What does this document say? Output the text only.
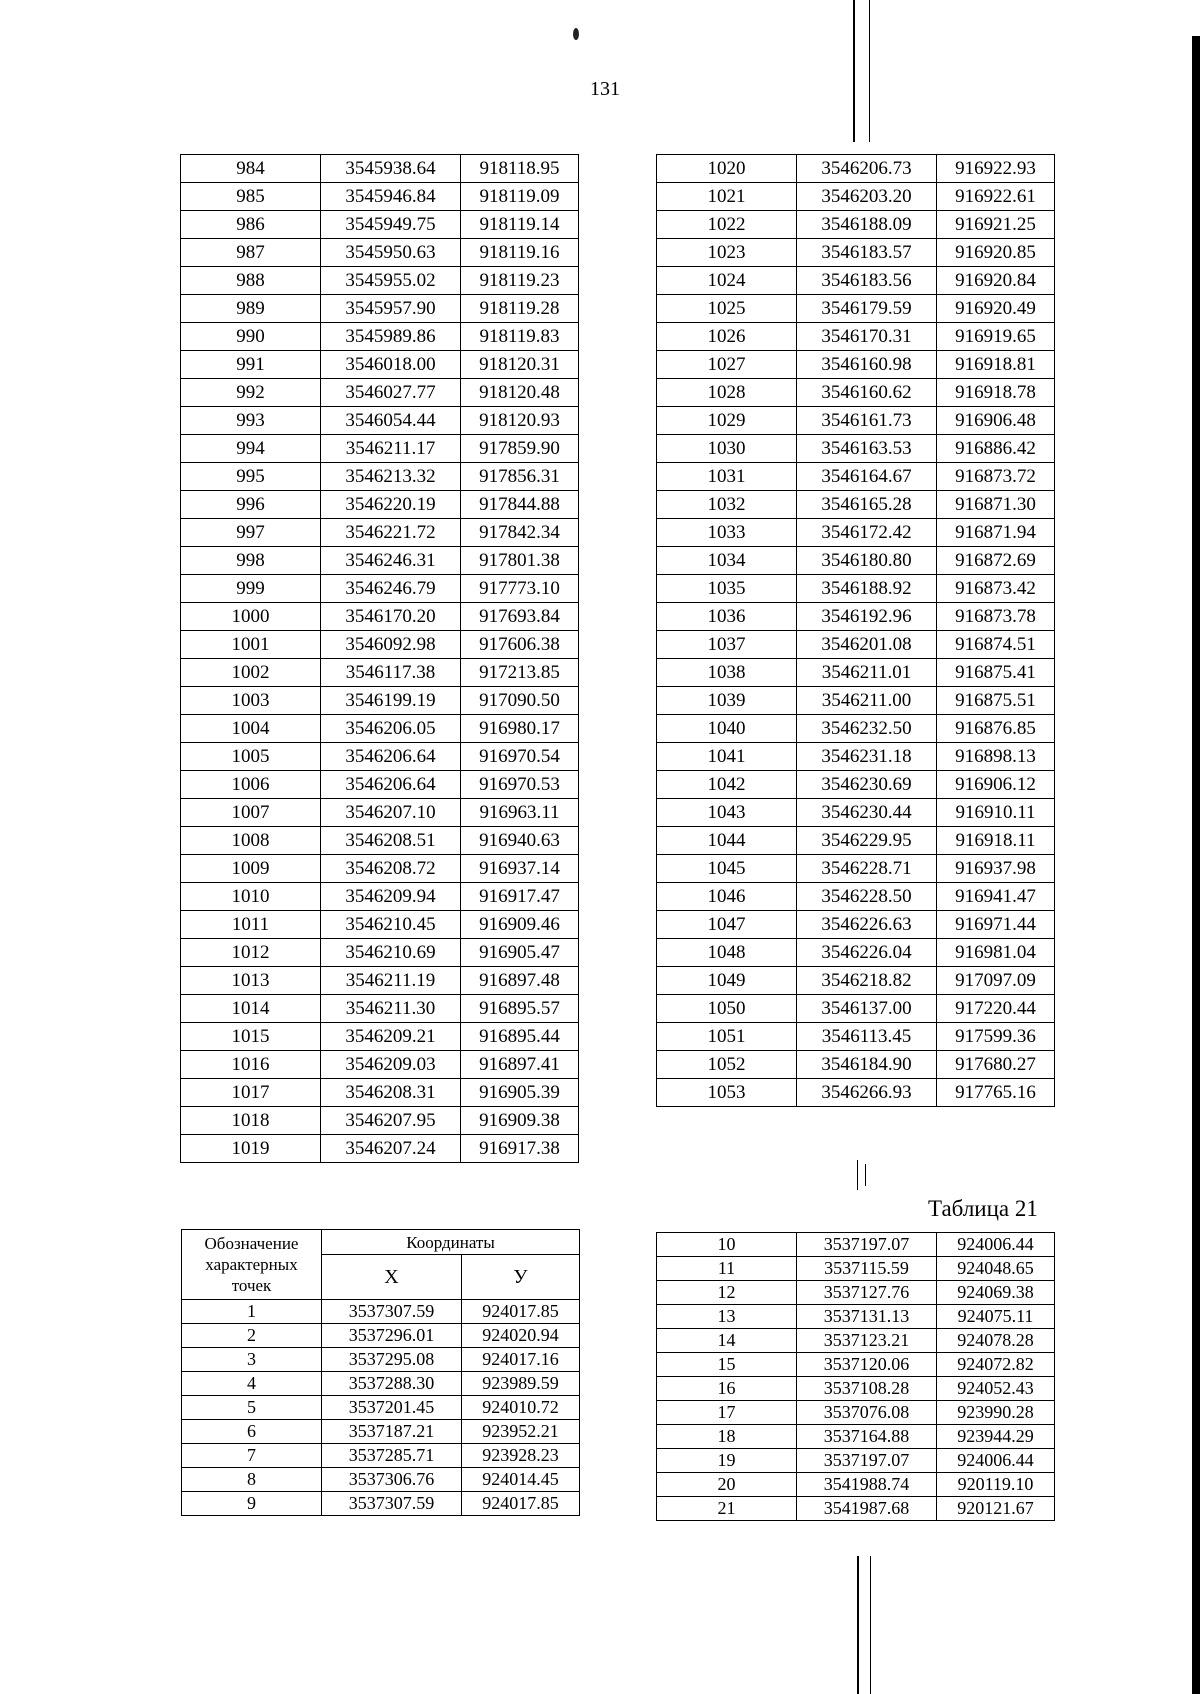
131
984	3545938.64	918118.95
985	3545946.84	918119.09
986	3545949.75	918119.14
987	3545950.63	918119.16
988	3545955.02	918119.23
989	3545957.90	918119.28
990	3545989.86	918119.83
991	3546018.00	918120.31
992	3546027.77	918120.48
993	3546054.44	918120.93
994	3546211.17	917859.90
995	3546213.32	917856.31
996	3546220.19	917844.88
997	3546221.72	917842.34
998	3546246.31	917801.38
999	3546246.79	917773.10
1000	3546170.20	917693.84
1001	3546092.98	917606.38
1002	3546117.38	917213.85
1003	3546199.19	917090.50
1004	3546206.05	916980.17
1005	3546206.64	916970.54
1006	3546206.64	916970.53
1007	3546207.10	916963.11
1008	3546208.51	916940.63
1009	3546208.72	916937.14
1010	3546209.94	916917.47
1011	3546210.45	916909.46
1012	3546210.69	916905.47
1013	3546211.19	916897.48
1014	3546211.30	916895.57
1015	3546209.21	916895.44
1016	3546209.03	916897.41
1017	3546208.31	916905.39
1018	3546207.95	916909.38
1019	3546207.24	916917.38
1020	3546206.73	916922.93
1021	3546203.20	916922.61
1022	3546188.09	916921.25
1023	3546183.57	916920.85
1024	3546183.56	916920.84
1025	3546179.59	916920.49
1026	3546170.31	916919.65
1027	3546160.98	916918.81
1028	3546160.62	916918.78
1029	3546161.73	916906.48
1030	3546163.53	916886.42
1031	3546164.67	916873.72
1032	3546165.28	916871.30
1033	3546172.42	916871.94
1034	3546180.80	916872.69
1035	3546188.92	916873.42
1036	3546192.96	916873.78
1037	3546201.08	916874.51
1038	3546211.01	916875.41
1039	3546211.00	916875.51
1040	3546232.50	916876.85
1041	3546231.18	916898.13
1042	3546230.69	916906.12
1043	3546230.44	916910.11
1044	3546229.95	916918.11
1045	3546228.71	916937.98
1046	3546228.50	916941.47
1047	3546226.63	916971.44
1048	3546226.04	916981.04
1049	3546218.82	917097.09
1050	3546137.00	917220.44
1051	3546113.45	917599.36
1052	3546184.90	917680.27
1053	3546266.93	917765.16
Таблица 21
Обозначение характерных точек	Координаты	
	X	У
1	3537307.59	924017.85
2	3537296.01	924020.94
3	3537295.08	924017.16
4	3537288.30	923989.59
5	3537201.45	924010.72
6	3537187.21	923952.21
7	3537285.71	923928.23
8	3537306.76	924014.45
9	3537307.59	924017.85
10	3537197.07	924006.44
11	3537115.59	924048.65
12	3537127.76	924069.38
13	3537131.13	924075.11
14	3537123.21	924078.28
15	3537120.06	924072.82
16	3537108.28	924052.43
17	3537076.08	923990.28
18	3537164.88	923944.29
19	3537197.07	924006.44
20	3541988.74	920119.10
21	3541987.68	920121.67
